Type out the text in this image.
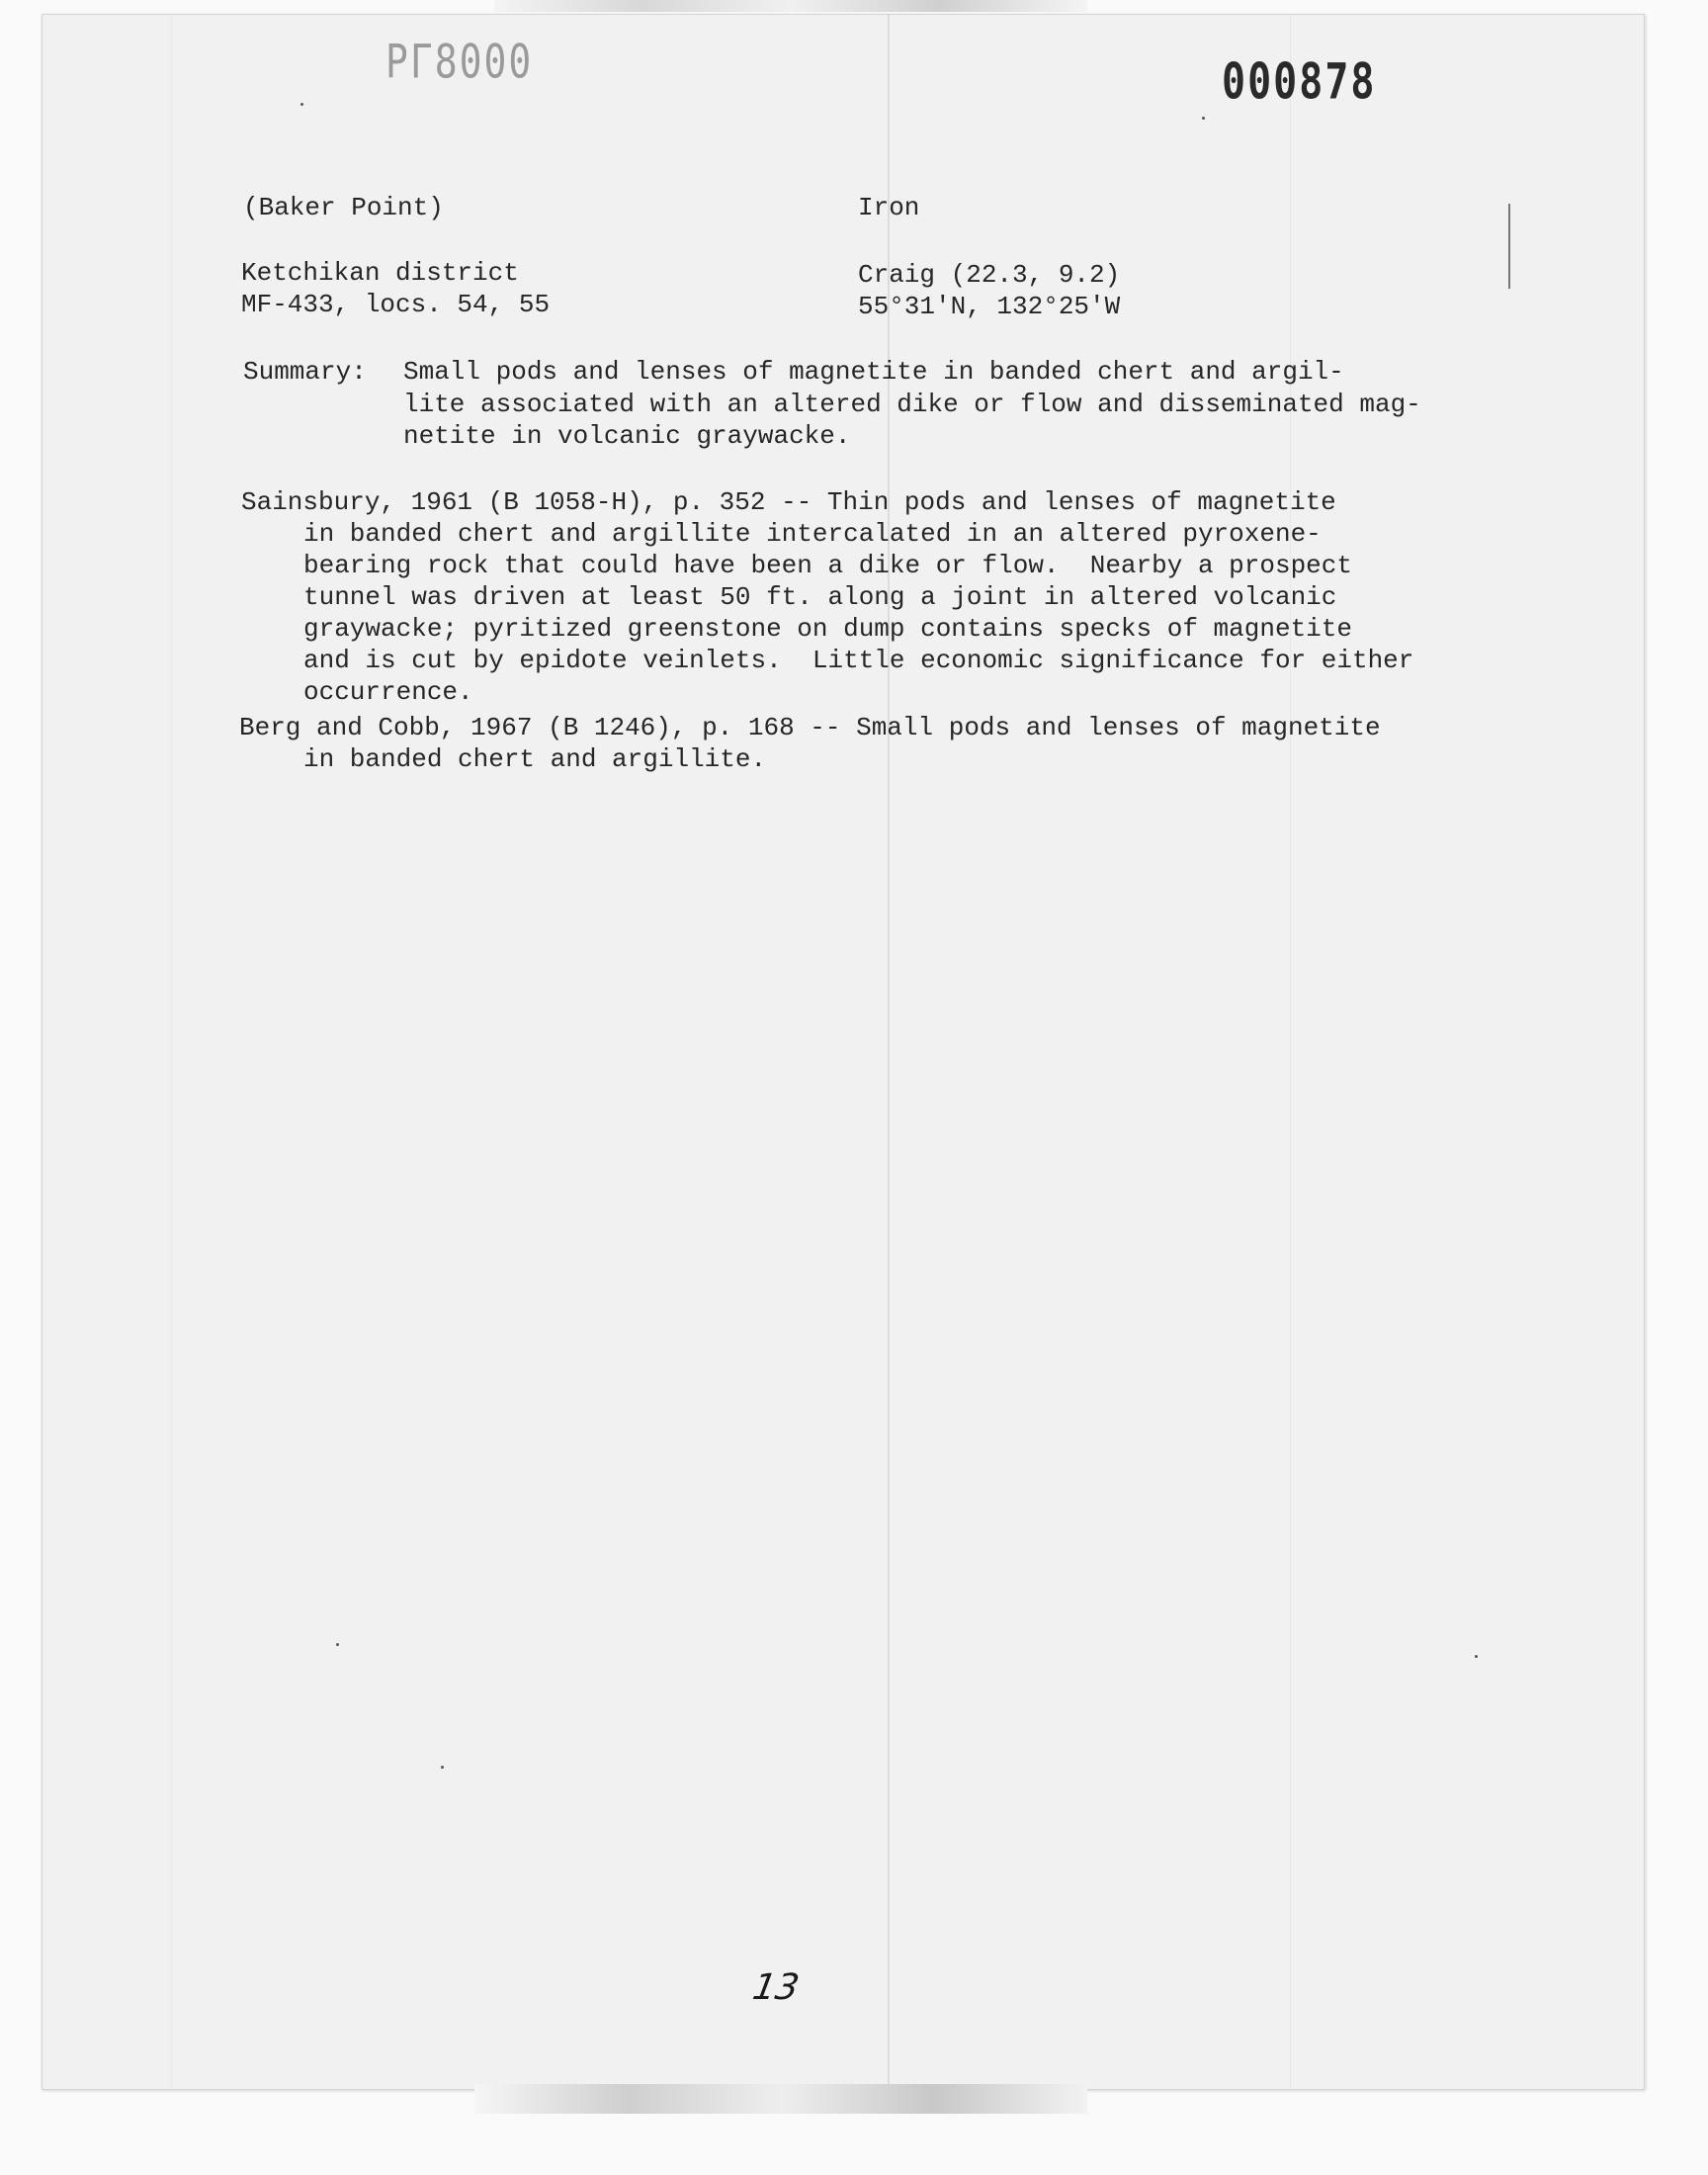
PГ8000	000878
(Baker Point)	Iron
Ketchikan district	Craig (22.3, 9.2)
MF-433, locs. 54, 55	55°31'N, 132°25'W
Summary: Small pods and lenses of magnetite in banded chert and argil-
lite associated with an altered dike or flow and disseminated mag-
netite in volcanic graywacke.
Sainsbury, 1961 (B 1058-H), p. 352 -- Thin pods and lenses of magnetite
in banded chert and argillite intercalated in an altered pyroxene-
bearing rock that could have been a dike or flow.  Nearby a prospect
tunnel was driven at least 50 ft. along a joint in altered volcanic
graywacke; pyritized greenstone on dump contains specks of magnetite
and is cut by epidote veinlets.  Little economic significance for either
occurrence.
Berg and Cobb, 1967 (B 1246), p. 168 -- Small pods and lenses of magnetite
in banded chert and argillite.
13
